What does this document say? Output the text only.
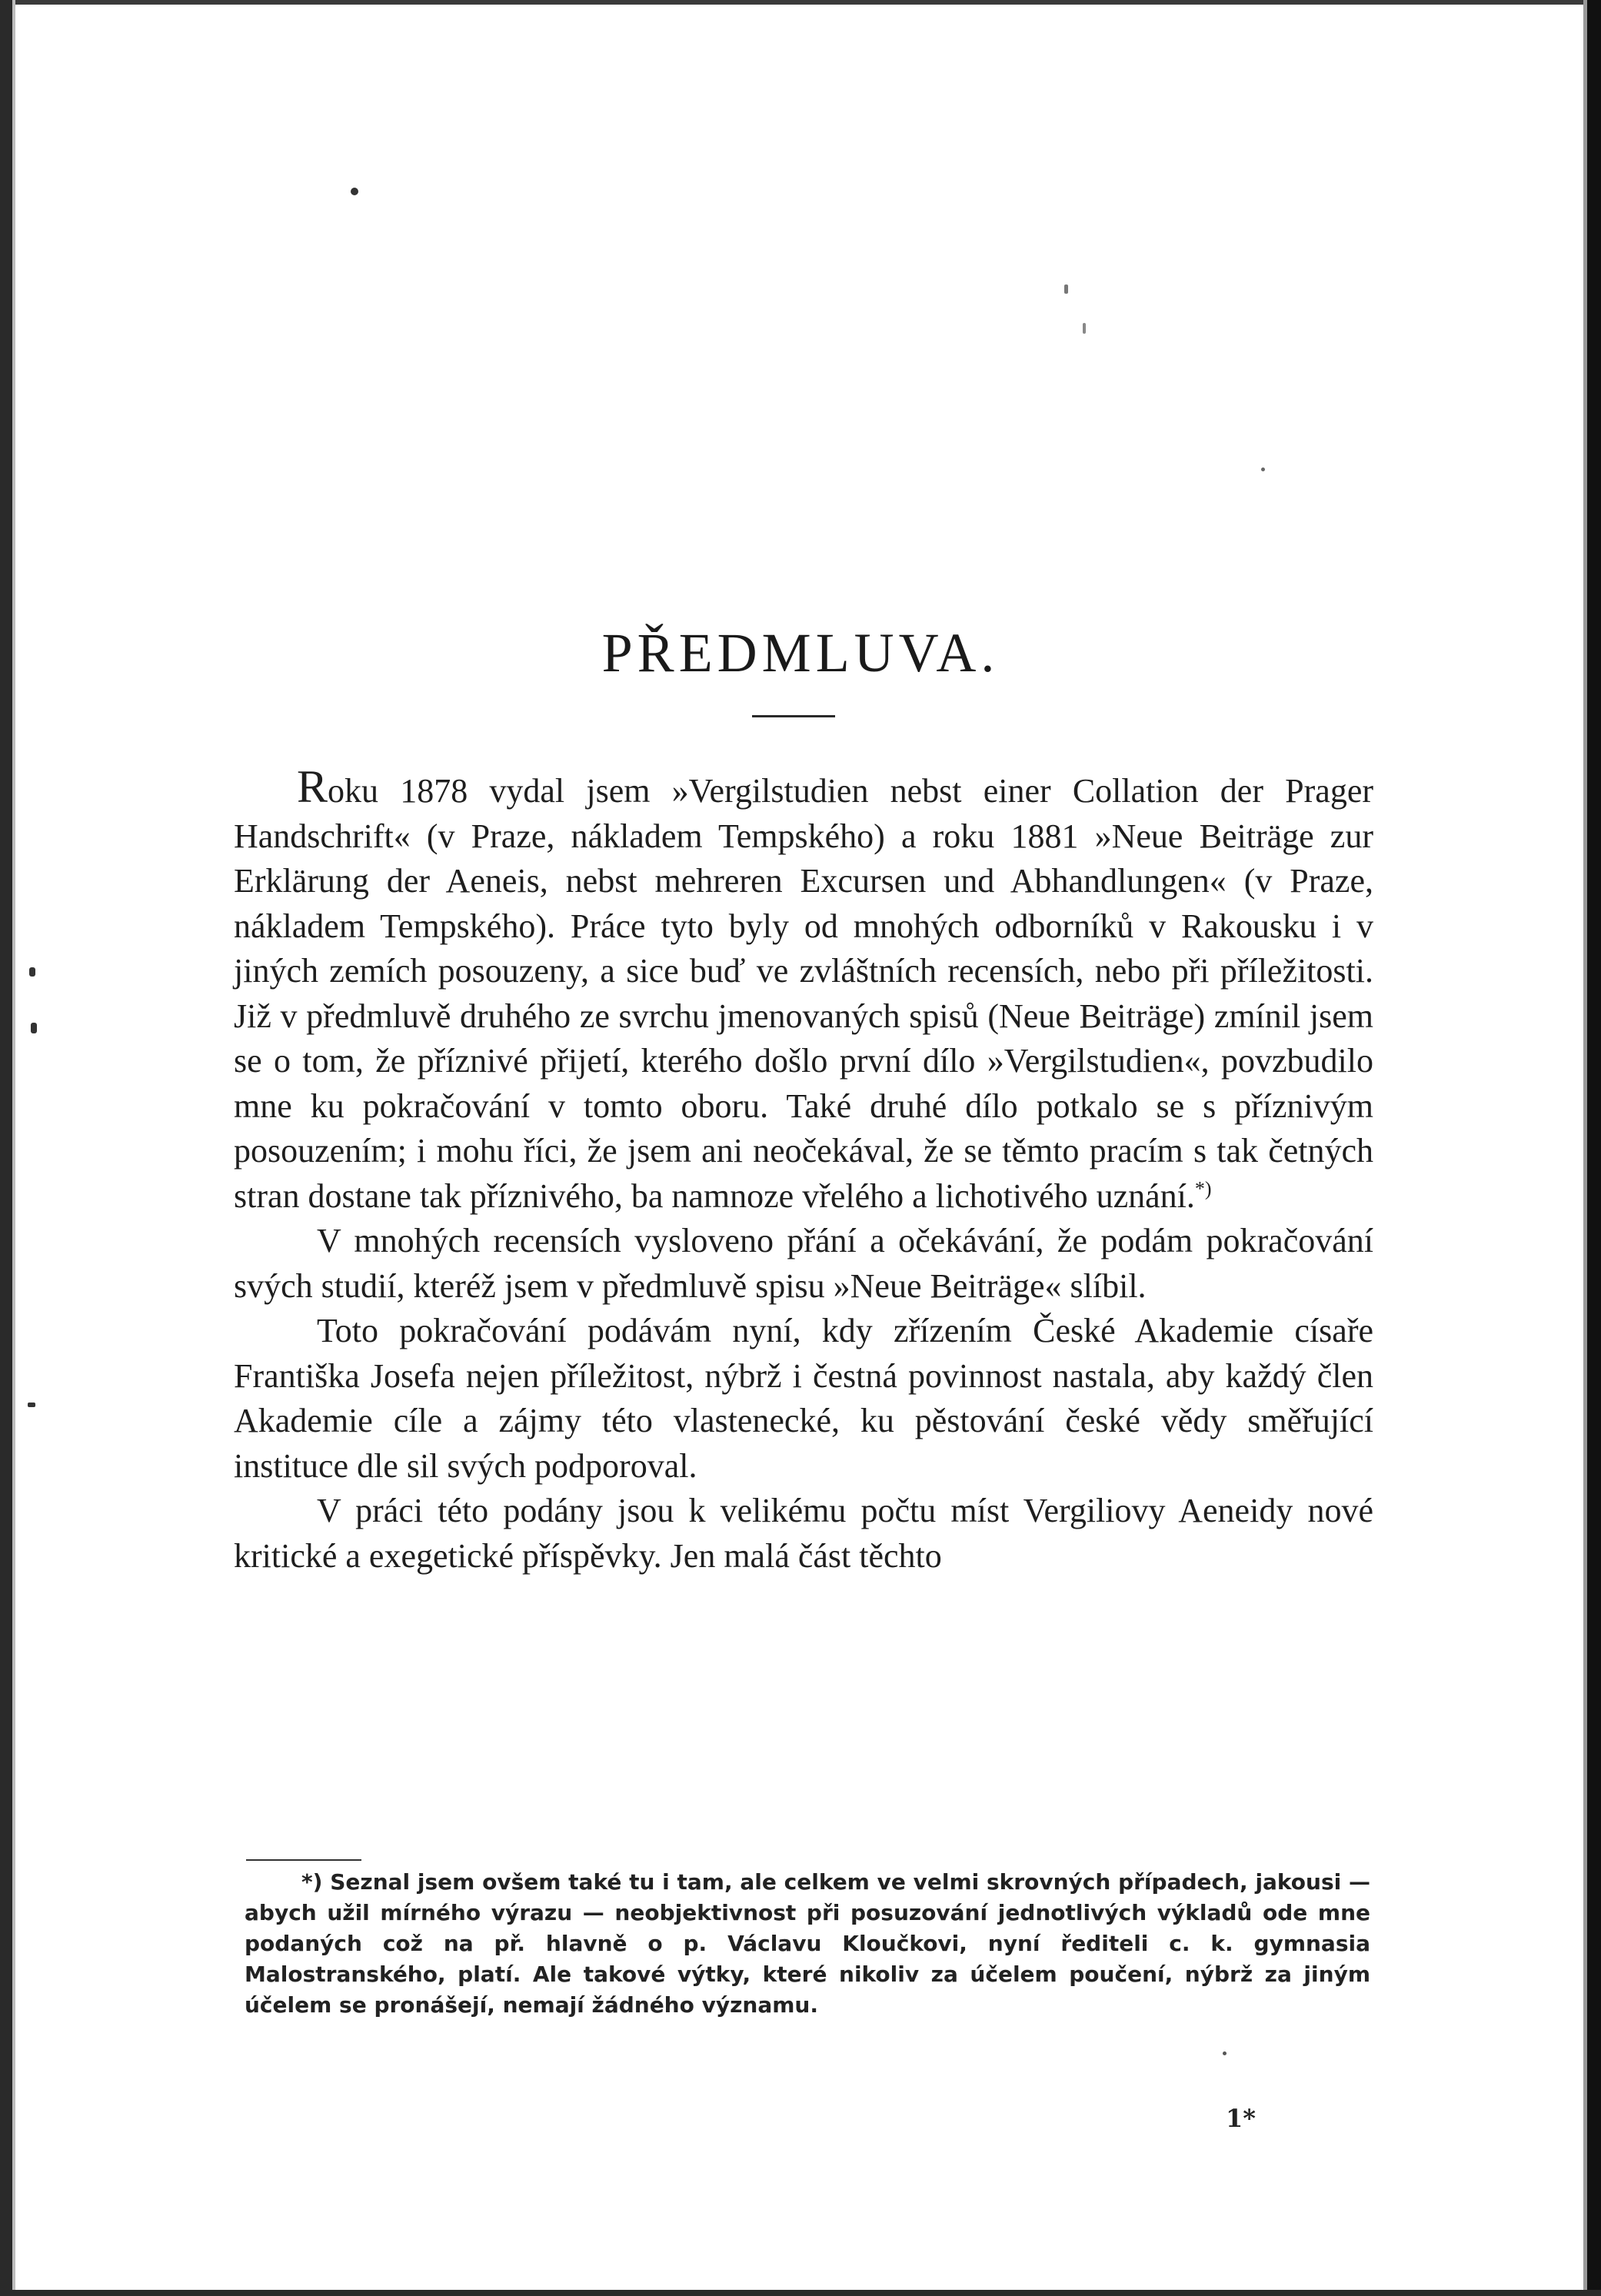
PŘEDMLUVA.

Roku 1878 vydal jsem »Vergilstudien nebst einer Collation der Prager Handschrift« (v Praze, nákladem Tempského) a roku 1881 »Neue Beiträge zur Erklärung der Aeneis, nebst mehreren Excursen und Abhandlungen« (v Praze, nákladem Tempského). Práce tyto byly od mnohých odborníků v Rakousku i v jiných zemích posouzeny, a sice buď ve zvláštních recensích, nebo při příležitosti. Již v předmluvě druhého ze svrchu jmenovaných spisů (Neue Beiträge) zmínil jsem se o tom, že příznivé přijetí, kterého došlo první dílo »Vergilstudien«, povzbudilo mne ku pokračování v tomto oboru. Také druhé dílo potkalo se s příznivým posouzením; i mohu říci, že jsem ani neočekával, že se těmto pracím s tak četných stran dostane tak příznivého, ba namnoze vřelého a lichotivého uznání.*)

V mnohých recensích vysloveno přání a očekávání, že podám pokračování svých studií, kteréž jsem v předmluvě spisu »Neue Beiträge« slíbil.

Toto pokračování podávám nyní, kdy zřízením České Akademie císaře Františka Josefa nejen příležitost, nýbrž i čestná povinnost nastala, aby každý člen Akademie cíle a zájmy této vlastenecké, ku pěstování české vědy směřující instituce dle sil svých podporoval.

V práci této podány jsou k velikému počtu míst Vergiliovy Aeneidy nové kritické a exegetické příspěvky. Jen malá část těchto

*) Seznal jsem ovšem také tu i tam, ale celkem ve velmi skrovných případech, jakousi — abych užil mírného výrazu — neobjektivnost při posuzování jednotlivých výkladů ode mne podaných což na př. hlavně o p. Václavu Kloučkovi, nyní řediteli c. k. gymnasia Malostranského, platí. Ale takové výtky, které nikoliv za účelem poučení, nýbrž za jiným účelem se pronášejí, nemají žádného významu.

1*
